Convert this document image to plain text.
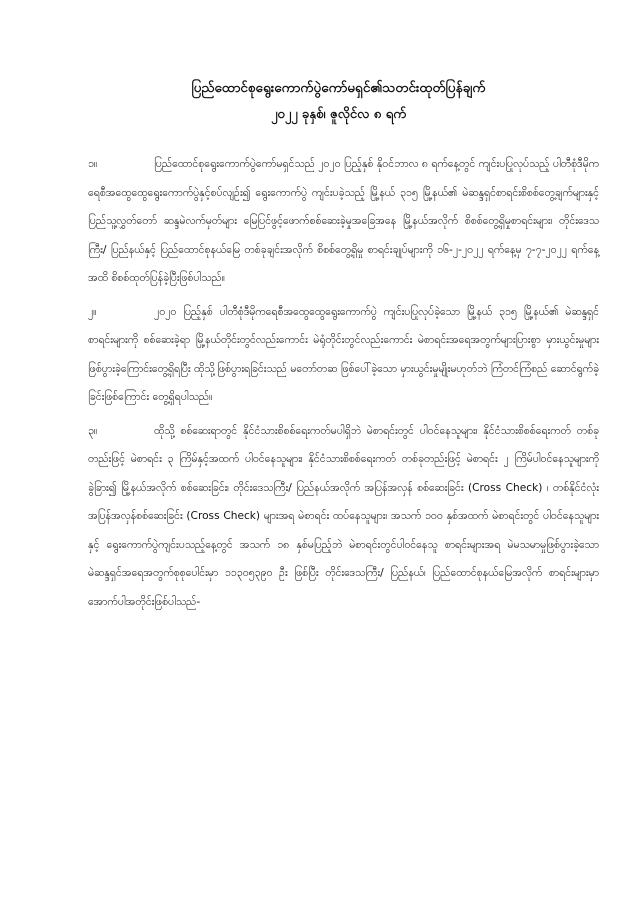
ပြည်ထောင်စုရွေးကောက်ပွဲကော်မရှင်၏သတင်းထုတ်ပြန်ချက်

၂၀၂၂ ခုနှစ်၊ ဇူလိုင်လ ၈ ရက်

၁။	ပြည်ထောင်စုရွေးကောက်ပွဲကော်မရှင်သည် ၂၀၂၀ ပြည့်နှစ် နိုဝင်ဘာလ ၈ ရက်နေ့တွင် ကျင်းပပြုလုပ်သည့် ပါတီစုံဒီမိုကရေစီအထွေထွေရွေးကောက်ပွဲနှင့်စပ်လျဉ်း၍ ရွေးကောက်ပွဲ ကျင်းပခဲ့သည့် မြို့နယ် ၃၁၅ မြို့နယ်၏ မဲဆန္ဒရှင်စာရင်းစိစစ်တွေ့ချက်များနှင့် ပြည်သူ့လွှတ်တော် ဆန္ဒမဲလက်မှတ်များ မြေပြင်ဖွင့်ဖောက်စစ်ဆေးခဲ့မှုအခြေအနေ မြို့နယ်အလိုက် စိစစ်တွေ့ရှိမှုစာရင်းများ၊ တိုင်းဒေသကြီး/ ပြည်နယ်နှင့် ပြည်ထောင်စုနယ်မြေ တစ်ခုချင်းအလိုက် စိစစ်တွေ့ရှိမှု စာရင်းချုပ်များကို ၁၆-၂-၂၀၂၂ ရက်နေ့မှ ၇-၇-၂၀၂၂ ရက်နေ့အထိ စိစစ်ထုတ်ပြန်ခဲ့ပြီးဖြစ်ပါသည်။

၂။	၂၀၂၀ ပြည့်နှစ် ပါတီစုံဒီမိုကရေစီအထွေထွေရွေးကောက်ပွဲ ကျင်းပပြုလုပ်ခဲ့သော မြို့နယ် ၃၁၅ မြို့နယ်၏ မဲဆန္ဒရှင်စာရင်းများကို စစ်ဆေးခဲ့ရာ မြို့နယ်တိုင်းတွင်လည်းကောင်း မဲရုံတိုင်းတွင်လည်းကောင်း မဲစာရင်းအရေအတွက်များပြားစွာ မှားယွင်းမှုများ ဖြစ်ပွားခဲ့ကြောင်းတွေ့ရှိရပြီး ထိုသို့ဖြစ်ပွားရခြင်းသည် မတော်တဆ ဖြစ်ပေါ်ခဲ့သော မှားယွင်းမှုမျိုးမဟုတ်ဘဲ ကြံတင်ကြံစည် ဆောင်ရွက်ခဲ့ခြင်းဖြစ်ကြောင်း တွေ့ရှိရပါသည်။

၃။	ထိုသို့ စစ်ဆေးရာတွင် နိုင်ငံသားစိစစ်ရေးကတ်မပါရှိဘဲ မဲစာရင်းတွင် ပါဝင်နေသူများ၊ နိုင်ငံသားစိစစ်ရေးကတ် တစ်ခုတည်းဖြင့် မဲစာရင်း ၃ ကြိမ်နှင့်အထက် ပါဝင်နေသူများ၊ နိုင်ငံသားစိစစ်ရေးကတ် တစ်ခုတည်းဖြင့် မဲစာရင်း ၂ ကြိမ်ပါဝင်နေသူများကို ခွဲခြား၍ မြို့နယ်အလိုက် စစ်ဆေးခြင်း၊ တိုင်းဒေသကြီး/ ပြည်နယ်အလိုက် အပြန်အလှန် စစ်ဆေးခြင်း (Cross Check) ၊ တစ်နိုင်ငံလုံး အပြန်အလှန်စစ်ဆေးခြင်း (Cross Check) များအရ မဲစာရင်း ထပ်နေသူများ၊ အသက် ၁၀၀ နှစ်အထက် မဲစာရင်းတွင် ပါဝင်နေသူများနှင့် ရွေးကောက်ပွဲကျင်းပသည့်နေ့တွင် အသက် ၁၈ နှစ်မပြည့်ဘဲ မဲစာရင်းတွင်ပါဝင်နေသူ စာရင်းများအရ မဲမသမာမှုဖြစ်ပွားခဲ့သော မဲဆန္ဒရှင်အရေအတွက်စုစုပေါင်းမှာ ၁၁၃၀၅၃၉၀ ဦး ဖြစ်ပြီး တိုင်းဒေသကြီး/ ပြည်နယ်၊ ပြည်ထောင်စုနယ်မြေအလိုက် စာရင်းများမှာ အောက်ပါအတိုင်းဖြစ်ပါသည်-
